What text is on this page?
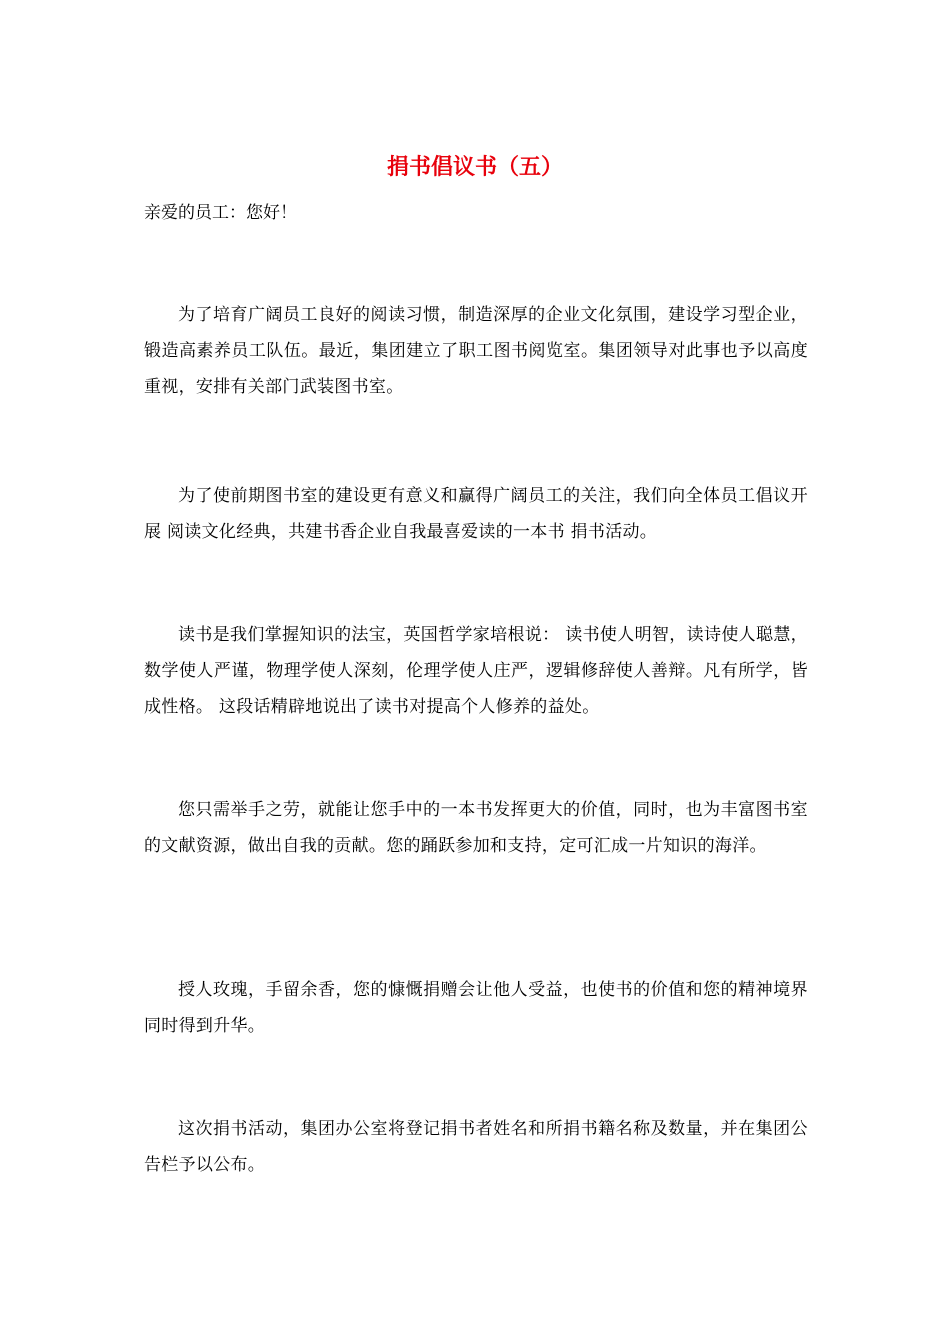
捐书倡议书（五）

亲爱的员工：您好！

为了培育广阔员工良好的阅读习惯，制造深厚的企业文化氛围，建设学习型企业，锻造高素养员工队伍。最近，集团建立了职工图书阅览室。集团领导对此事也予以高度重视，安排有关部门武装图书室。

为了使前期图书室的建设更有意义和赢得广阔员工的关注，我们向全体员工倡议开展 阅读文化经典，共建书香企业自我最喜爱读的一本书 捐书活动。

读书是我们掌握知识的法宝，英国哲学家培根说： 读书使人明智，读诗使人聪慧，数学使人严谨，物理学使人深刻，伦理学使人庄严，逻辑修辞使人善辩。凡有所学，皆成性格。 这段话精辟地说出了读书对提高个人修养的益处。

您只需举手之劳，就能让您手中的一本书发挥更大的价值，同时，也为丰富图书室的文献资源，做出自我的贡献。您的踊跃参加和支持，定可汇成一片知识的海洋。

授人玫瑰，手留余香，您的慷慨捐赠会让他人受益，也使书的价值和您的精神境界同时得到升华。

这次捐书活动，集团办公室将登记捐书者姓名和所捐书籍名称及数量，并在集团公告栏予以公布。
